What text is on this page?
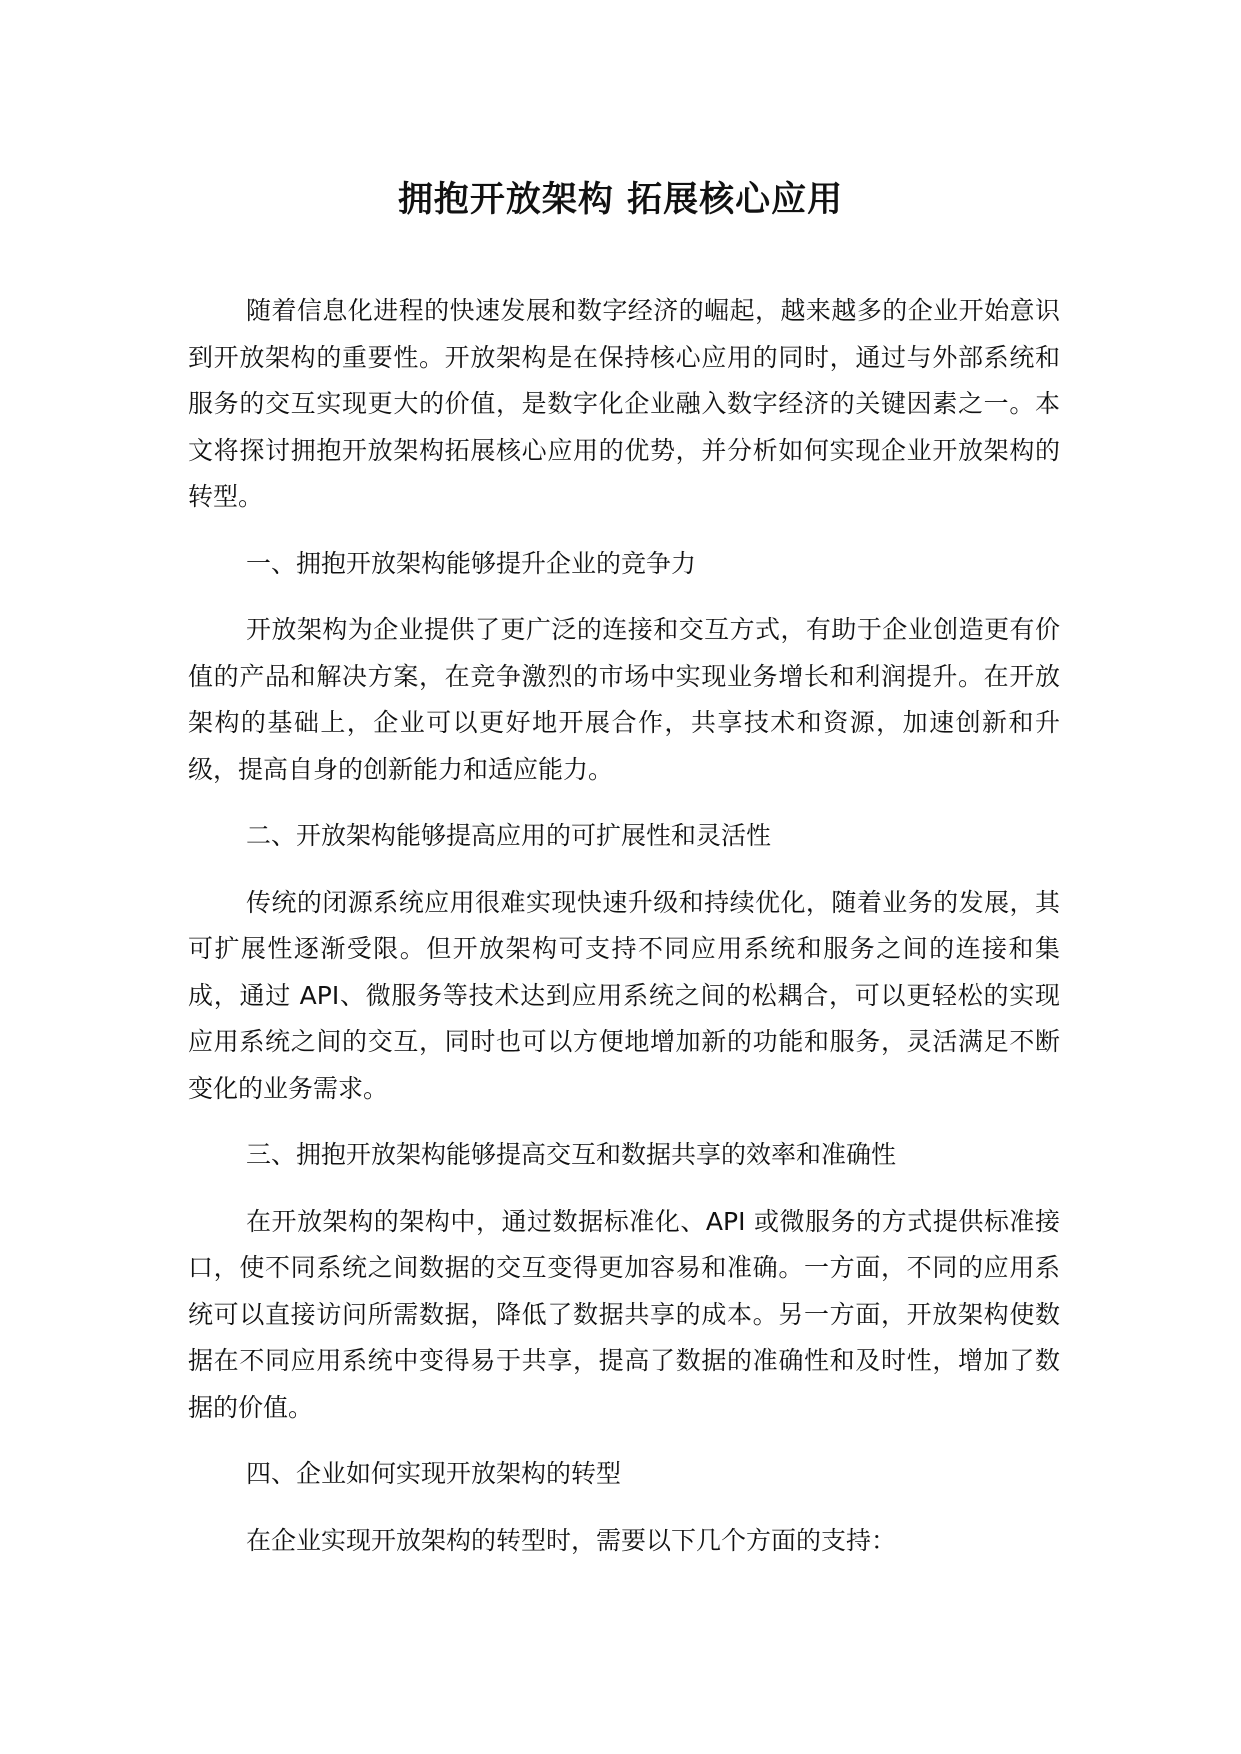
拥抱开放架构 拓展核心应用

随着信息化进程的快速发展和数字经济的崛起，越来越多的企业开始意识到开放架构的重要性。开放架构是在保持核心应用的同时，通过与外部系统和服务的交互实现更大的价值，是数字化企业融入数字经济的关键因素之一。本文将探讨拥抱开放架构拓展核心应用的优势，并分析如何实现企业开放架构的转型。

一、拥抱开放架构能够提升企业的竞争力

开放架构为企业提供了更广泛的连接和交互方式，有助于企业创造更有价值的产品和解决方案，在竞争激烈的市场中实现业务增长和利润提升。在开放架构的基础上，企业可以更好地开展合作，共享技术和资源，加速创新和升级，提高自身的创新能力和适应能力。

二、开放架构能够提高应用的可扩展性和灵活性

传统的闭源系统应用很难实现快速升级和持续优化，随着业务的发展，其可扩展性逐渐受限。但开放架构可支持不同应用系统和服务之间的连接和集成，通过 API、微服务等技术达到应用系统之间的松耦合，可以更轻松的实现应用系统之间的交互，同时也可以方便地增加新的功能和服务，灵活满足不断变化的业务需求。

三、拥抱开放架构能够提高交互和数据共享的效率和准确性

在开放架构的架构中，通过数据标准化、API 或微服务的方式提供标准接口，使不同系统之间数据的交互变得更加容易和准确。一方面，不同的应用系统可以直接访问所需数据，降低了数据共享的成本。另一方面，开放架构使数据在不同应用系统中变得易于共享，提高了数据的准确性和及时性，增加了数据的价值。

四、企业如何实现开放架构的转型

在企业实现开放架构的转型时，需要以下几个方面的支持：
